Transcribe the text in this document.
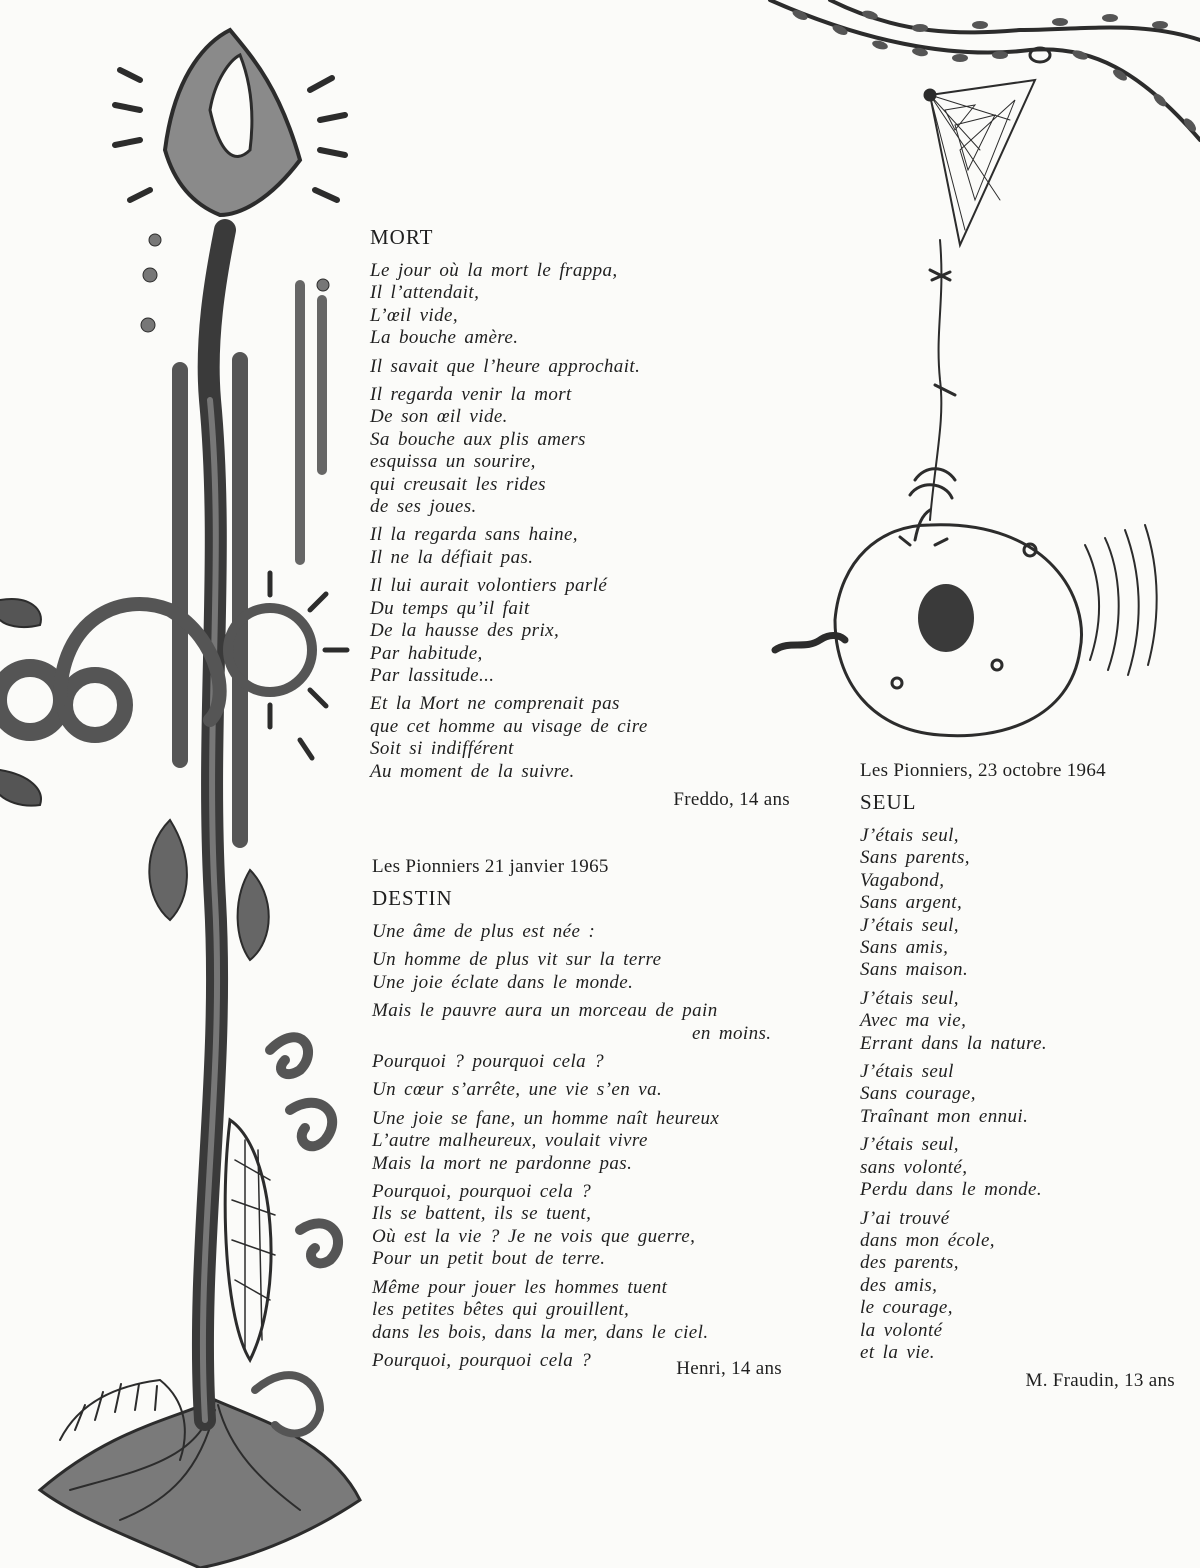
MORT
Le jour où la mort le frappa,
Il l’attendait,
L’œil vide,
La bouche amère.
Il savait que l’heure approchait.
Il regarda venir la mort
De son œil vide.
Sa bouche aux plis amers
esquissa un sourire,
qui creusait les rides
de ses joues.
Il la regarda sans haine,
Il ne la défiait pas.
Il lui aurait volontiers parlé
Du temps qu’il fait
De la hausse des prix,
Par habitude,
Par lassitude...
Et la Mort ne comprenait pas
que cet homme au visage de cire
Soit si indifférent
Au moment de la suivre.
Freddo, 14 ans
Les Pionniers 21 janvier 1965
DESTIN
Une âme de plus est née :
Un homme de plus vit sur la terre
Une joie éclate dans le monde.
Mais le pauvre aura un morceau de pain
en moins.
Pourquoi ? pourquoi cela ?
Un cœur s’arrête, une vie s’en va.
Une joie se fane, un homme naît heureux
L’autre malheureux, voulait vivre
Mais la mort ne pardonne pas.
Pourquoi, pourquoi cela ?
Ils se battent, ils se tuent,
Où est la vie ? Je ne vois que guerre,
Pour un petit bout de terre.
Même pour jouer les hommes tuent
les petites bêtes qui grouillent,
dans les bois, dans la mer, dans le ciel.
Pourquoi, pourquoi cela ?	Henri, 14 ans
Les Pionniers, 23 octobre 1964
SEUL
J’étais seul,
Sans parents,
Vagabond,
Sans argent,
J’étais seul,
Sans amis,
Sans maison.
J’étais seul,
Avec ma vie,
Errant dans la nature.
J’étais seul
Sans courage,
Traînant mon ennui.
J’étais seul,
sans volonté,
Perdu dans le monde.
J’ai trouvé
dans mon école,
des parents,
des amis,
le courage,
la volonté
et la vie.
M. Fraudin, 13 ans
